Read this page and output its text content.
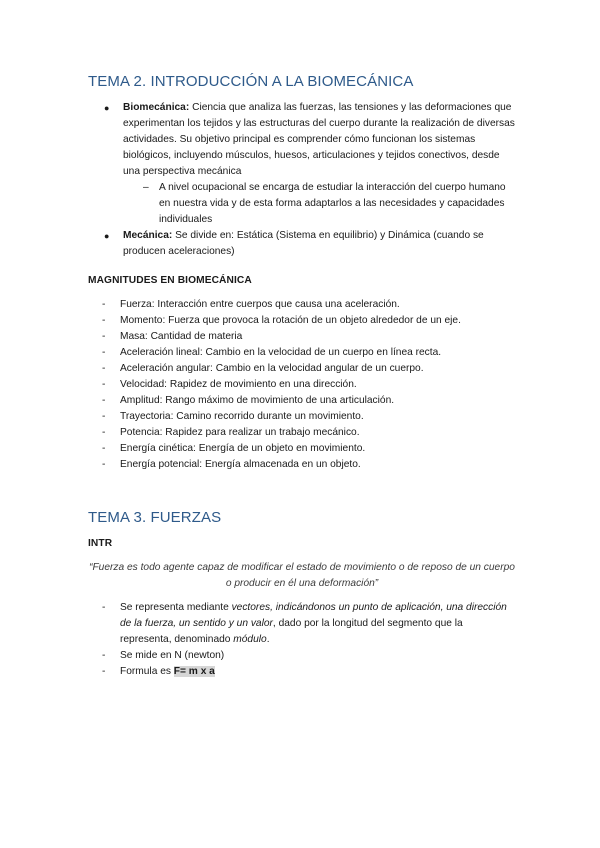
TEMA 2. INTRODUCCIÓN A LA BIOMECÁNICA
● Biomecánica: Ciencia que analiza las fuerzas, las tensiones y las deformaciones que experimentan los tejidos y las estructuras del cuerpo durante la realización de diversas actividades. Su objetivo principal es comprender cómo funcionan los sistemas biológicos, incluyendo músculos, huesos, articulaciones y tejidos conectivos, desde una perspectiva mecánica
– A nivel ocupacional se encarga de estudiar la interacción del cuerpo humano en nuestra vida y de esta forma adaptarlos a las necesidades y capacidades individuales
● Mecánica: Se divide en: Estática (Sistema en equilibrio) y Dinámica (cuando se producen aceleraciones)
MAGNITUDES EN BIOMECÁNICA
- Fuerza: Interacción entre cuerpos que causa una aceleración.
- Momento: Fuerza que provoca la rotación de un objeto alrededor de un eje.
- Masa: Cantidad de materia
- Aceleración lineal: Cambio en la velocidad de un cuerpo en línea recta.
- Aceleración angular: Cambio en la velocidad angular de un cuerpo.
- Velocidad: Rapidez de movimiento en una dirección.
- Amplitud: Rango máximo de movimiento de una articulación.
- Trayectoria: Camino recorrido durante un movimiento.
- Potencia: Rapidez para realizar un trabajo mecánico.
- Energía cinética: Energía de un objeto en movimiento.
- Energía potencial: Energía almacenada en un objeto.
TEMA 3. FUERZAS
INTR
“Fuerza es todo agente capaz de modificar el estado de movimiento o de reposo de un cuerpo o producir en él una deformación”
- Se representa mediante vectores, indicándonos un punto de aplicación, una dirección de la fuerza, un sentido y un valor, dado por la longitud del segmento que la representa, denominado módulo.
- Se mide en N (newton)
- Formula es F= m x a
